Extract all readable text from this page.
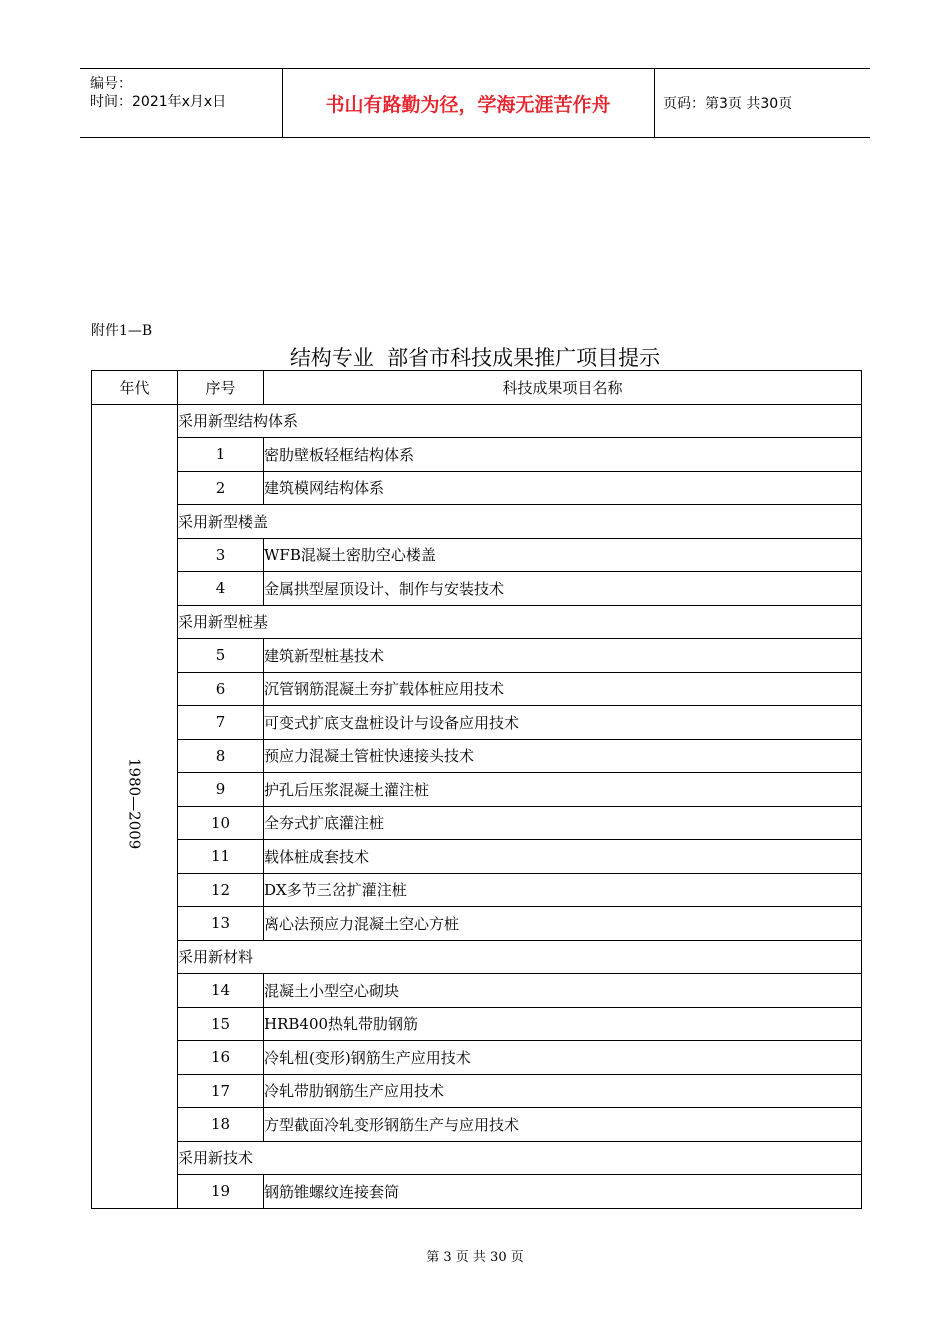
编号：
时间：2021年x月x日	书山有路勤为径，学海无涯苦作舟	页码：第3页 共30页
附件1—B
结构专业  部省市科技成果推广项目提示
年代	序号	科技成果项目名称
1980—2009	采用新型结构体系	
	1	密肋壁板轻框结构体系
	2	建筑模网结构体系
	采用新型楼盖	
	3	WFB混凝土密肋空心楼盖
	4	金属拱型屋顶设计、制作与安装技术
	采用新型桩基	
	5	建筑新型桩基技术
	6	沉管钢筋混凝土夯扩载体桩应用技术
	7	可变式扩底支盘桩设计与设备应用技术
	8	预应力混凝土管桩快速接头技术
	9	护孔后压浆混凝土灌注桩
	10	全夯式扩底灌注桩
	11	载体桩成套技术
	12	DX多节三岔扩灌注桩
	13	离心法预应力混凝土空心方桩
	采用新材料	
	14	混凝土小型空心砌块
	15	HRB400热轧带肋钢筋
	16	冷轧杻(变形)钢筋生产应用技术
	17	冷轧带肋钢筋生产应用技术
	18	方型截面冷轧变形钢筋生产与应用技术
	采用新技术	
	19	钢筋锥螺纹连接套筒
第 3 页 共 30 页
